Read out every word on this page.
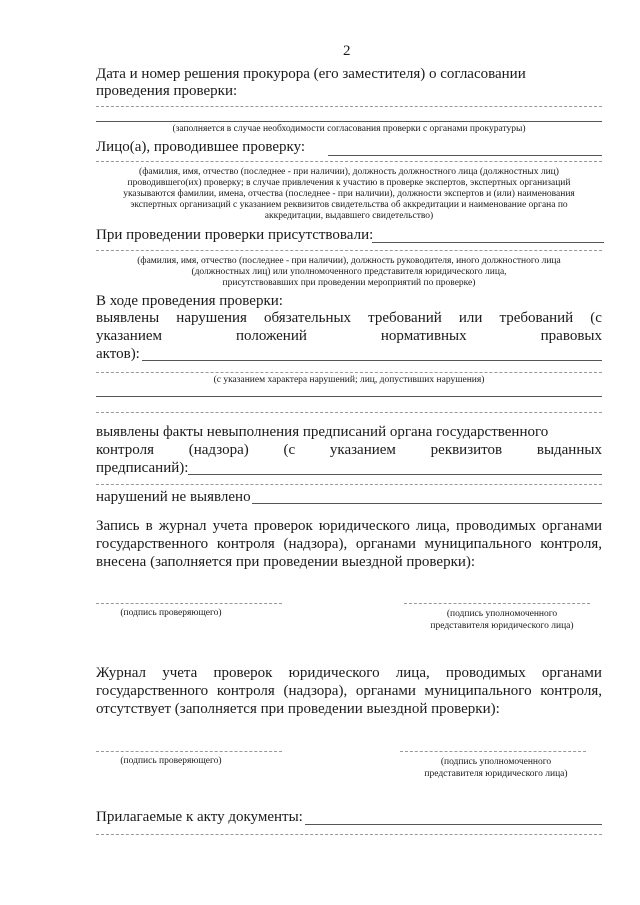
2
Дата и номер решения прокурора (его заместителя) о согласовании
проведения проверки:
(заполняется в случае необходимости согласования проверки с органами прокуратуры)
Лицо(а), проводившее проверку:
(фамилия, имя, отчество (последнее - при наличии), должность должностного лица (должностных лиц)
проводившего(их) проверку; в случае привлечения к участию в проверке экспертов, экспертных организаций
указываются фамилии, имена, отчества (последнее - при наличии), должности экспертов и (или) наименования
экспертных организаций с указанием реквизитов свидетельства об аккредитации и наименование органа по
аккредитации, выдавшего свидетельство)
При проведении проверки присутствовали:
(фамилия, имя, отчество (последнее - при наличии), должность руководителя, иного должностного лица
(должностных лиц) или уполномоченного представителя юридического лица,
присутствовавших при проведении мероприятий по проверке)
В ходе проведения проверки:
выявлены нарушения обязательных требований или требований (с
указанием	положений	нормативных	правовых
актов):
(с указанием характера нарушений; лиц, допустивших нарушения)
выявлены факты невыполнения предписаний органа государственного
контроля (надзора) (с указанием реквизитов выданных
предписаний):
нарушений не выявлено
Запись в журнал учета проверок юридического лица, проводимых органами
государственного контроля (надзора), органами муниципального контроля,
внесена (заполняется при проведении выездной проверки):
(подпись проверяющего)	(подпись уполномоченного
представителя юридического лица)
Журнал учета проверок юридического лица, проводимых органами
государственного контроля (надзора), органами муниципального контроля,
отсутствует (заполняется при проведении выездной проверки):
(подпись проверяющего)	(подпись уполномоченного
представителя юридического лица)
Прилагаемые к акту документы:
